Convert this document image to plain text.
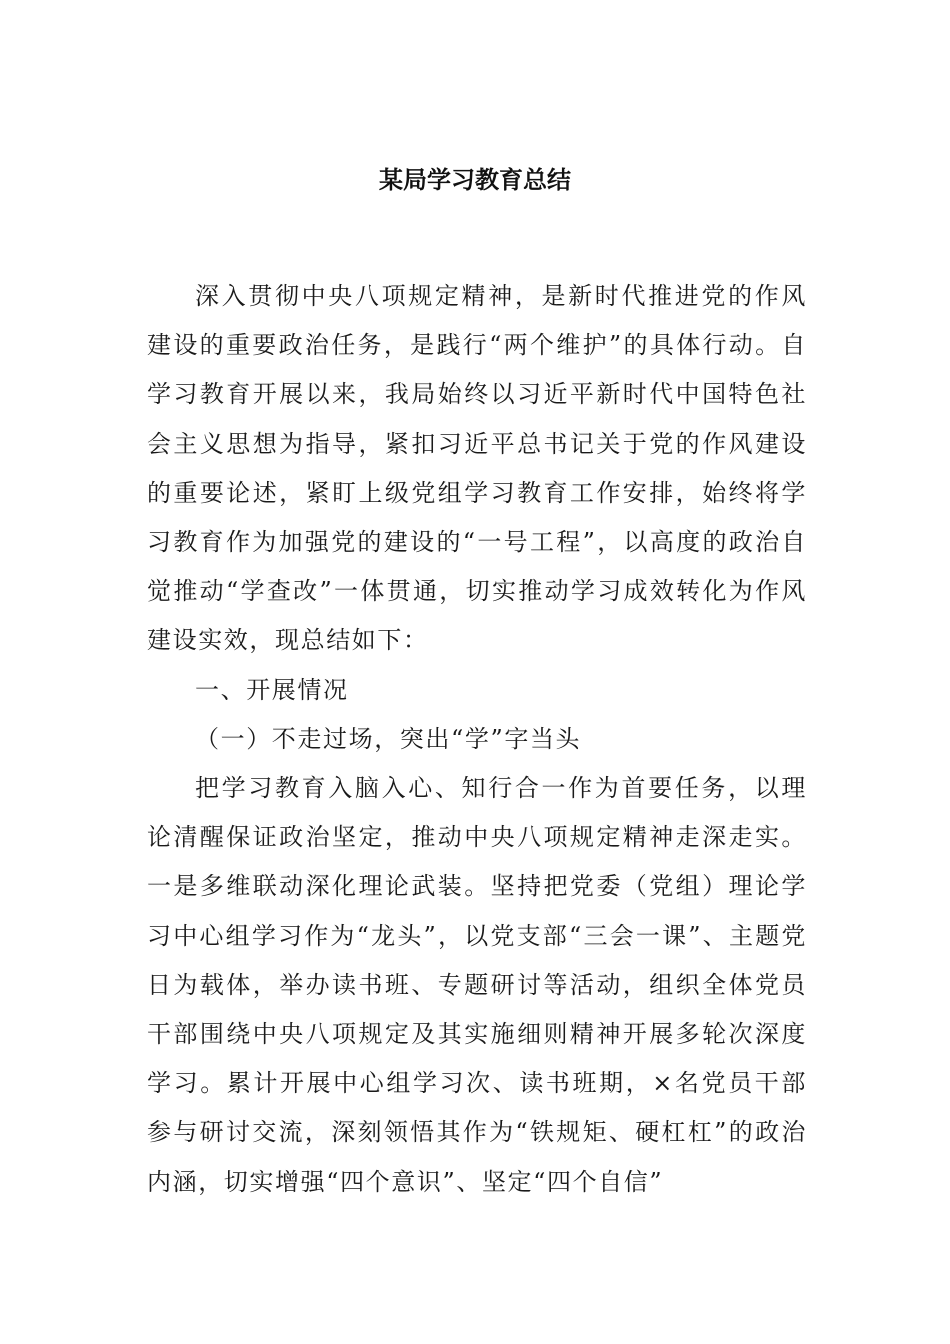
某局学习教育总结

深入贯彻中央八项规定精神，是新时代推进党的作风建设的重要政治任务，是践行“两个维护”的具体行动。自学习教育开展以来，我局始终以习近平新时代中国特色社会主义思想为指导，紧扣习近平总书记关于党的作风建设的重要论述，紧盯上级党组学习教育工作安排，始终将学习教育作为加强党的建设的“一号工程”，以高度的政治自觉推动“学查改”一体贯通，切实推动学习成效转化为作风建设实效，现总结如下：

一、开展情况

（一）不走过场，突出“学”字当头

把学习教育入脑入心、知行合一作为首要任务，以理论清醒保证政治坚定，推动中央八项规定精神走深走实。一是多维联动深化理论武装。坚持把党委（党组）理论学习中心组学习作为“龙头”，以党支部“三会一课”、主题党日为载体，举办读书班、专题研讨等活动，组织全体党员干部围绕中央八项规定及其实施细则精神开展多轮次深度学习。累计开展中心组学习次、读书班期，×名党员干部参与研讨交流，深刻领悟其作为“铁规矩、硬杠杠”的政治内涵，切实增强“四个意识”、坚定“四个自信”
